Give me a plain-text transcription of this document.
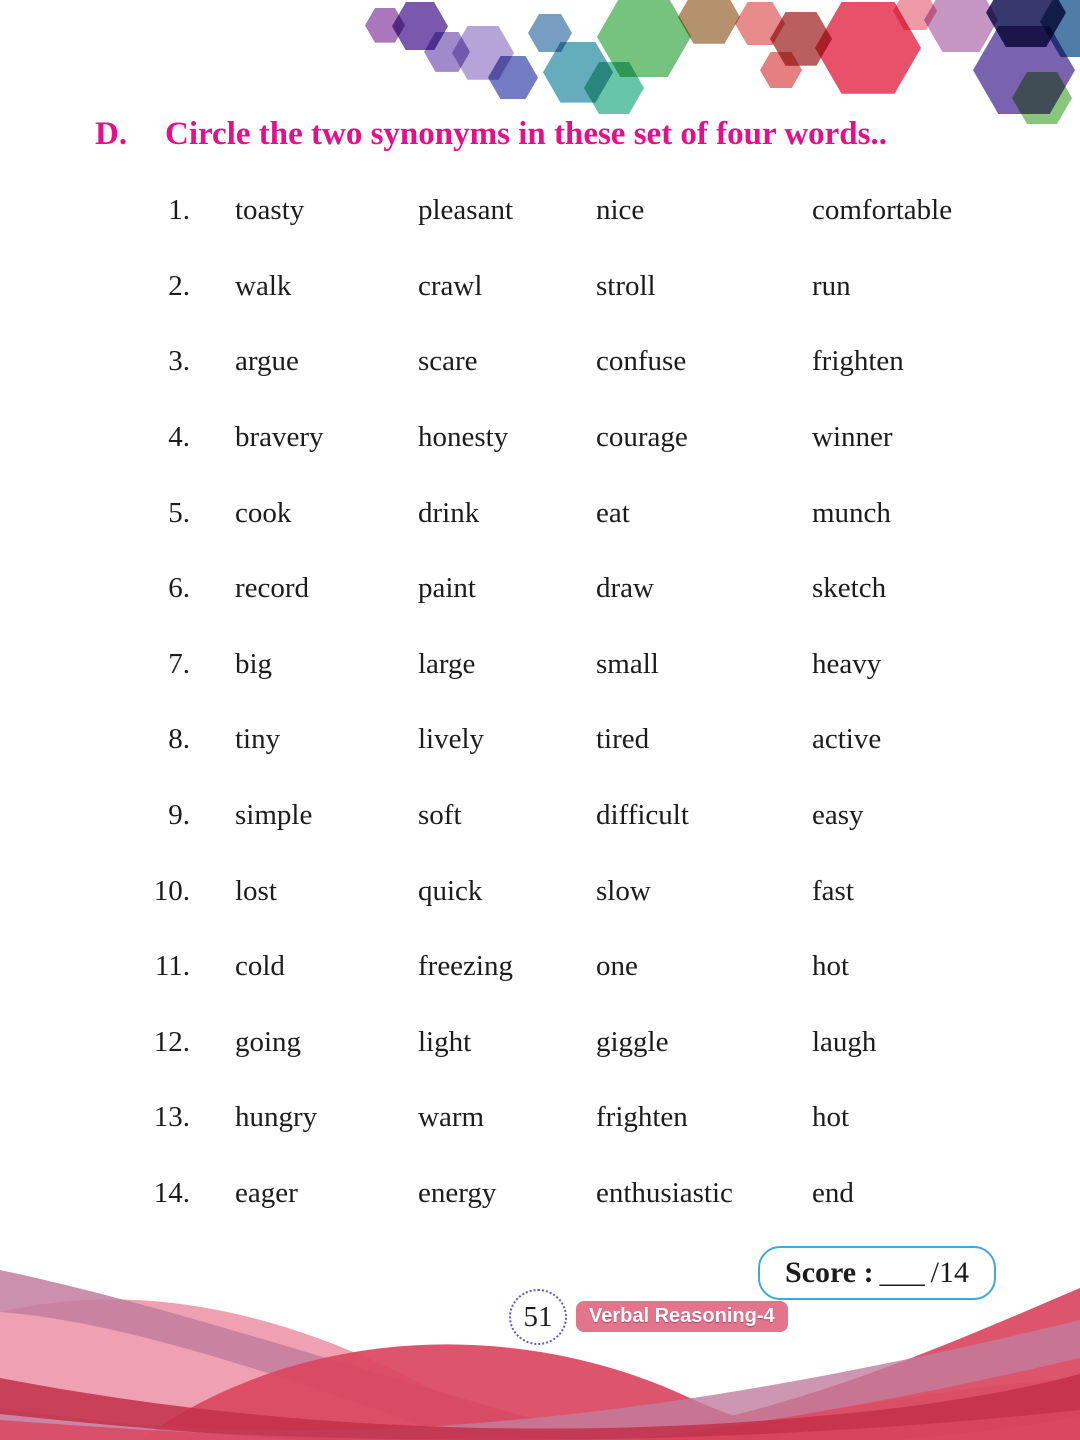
D.	Circle the two synonyms in these set of four words..
1.	toasty	pleasant	nice	comfortable
2.	walk	crawl	stroll	run
3.	argue	scare	confuse	frighten
4.	bravery	honesty	courage	winner
5.	cook	drink	eat	munch
6.	record	paint	draw	sketch
7.	big	large	small	heavy
8.	tiny	lively	tired	active
9.	simple	soft	difficult	easy
10.	lost	quick	slow	fast
11.	cold	freezing	one	hot
12.	going	light	giggle	laugh
13.	hungry	warm	frighten	hot
14.	eager	energy	enthusiastic	end
Score : ___ /14
51 Verbal Reasoning-4
